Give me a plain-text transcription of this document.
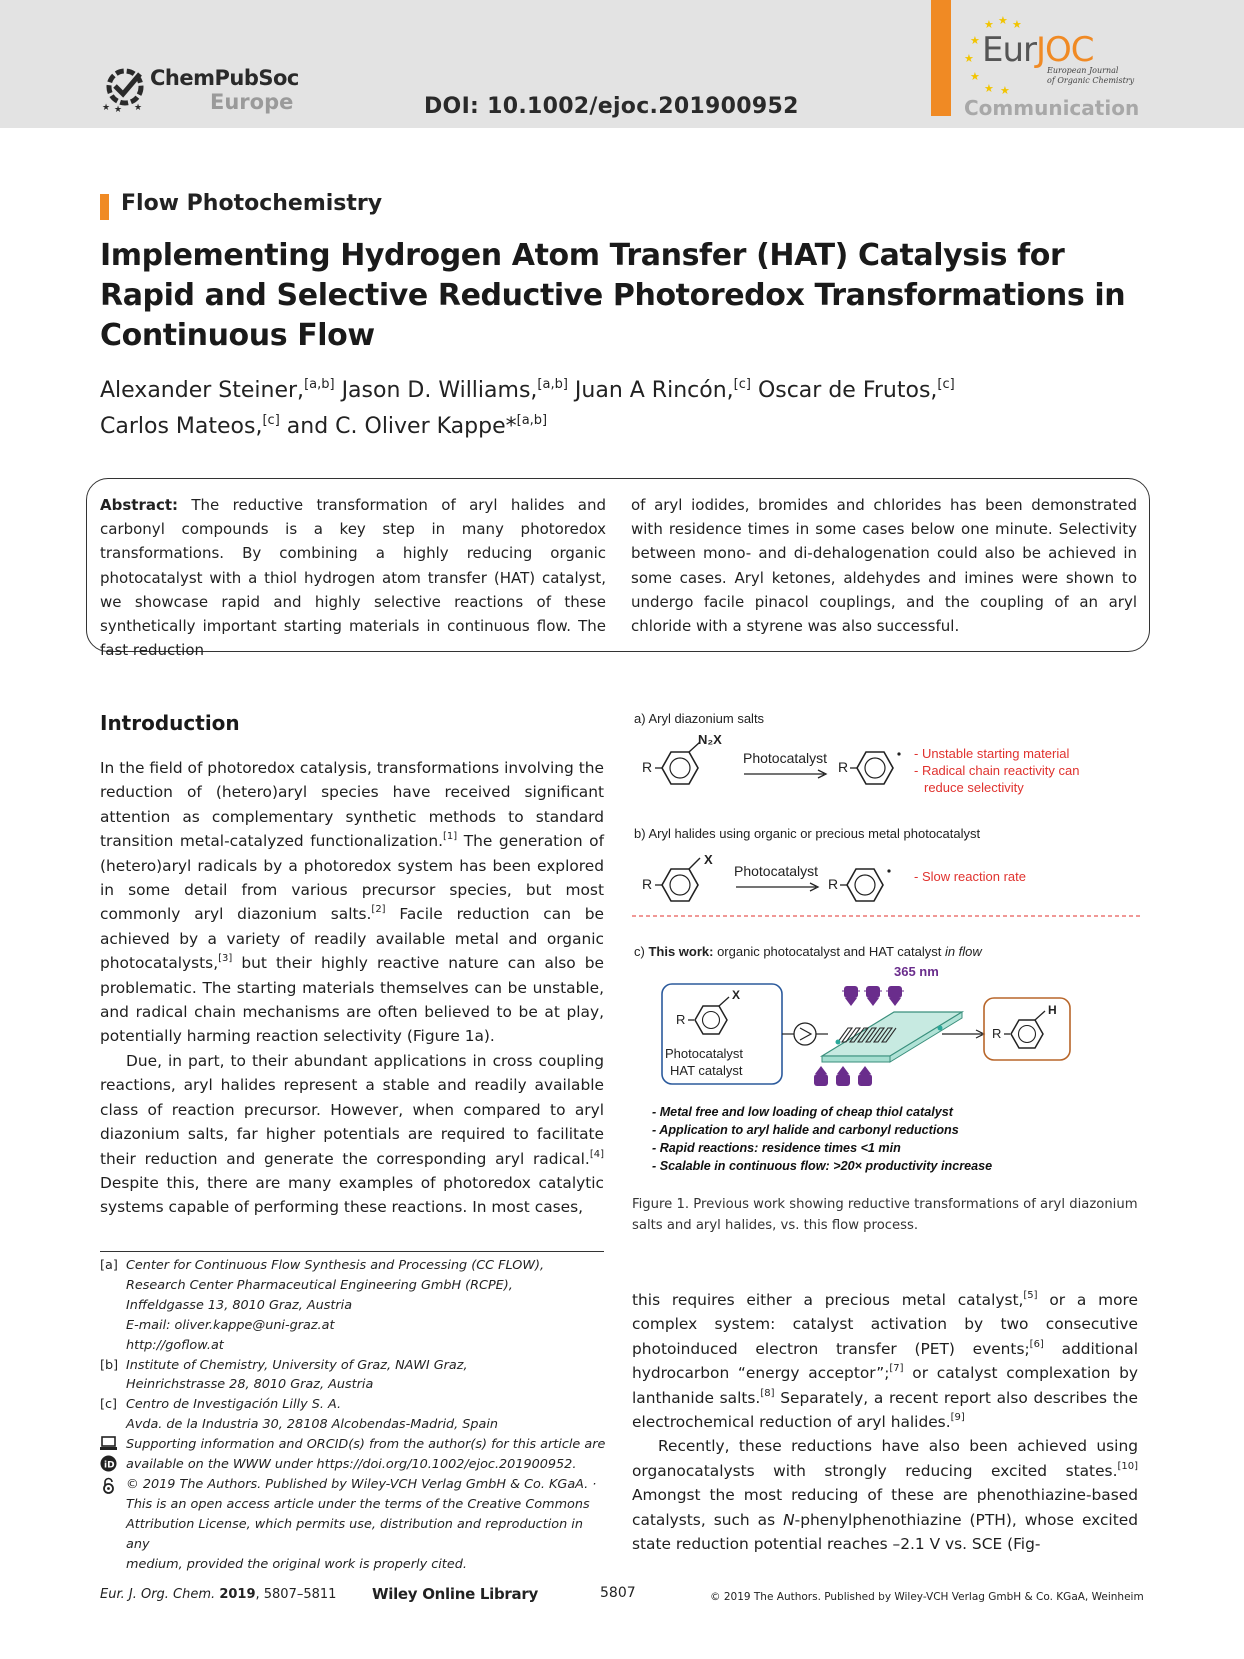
★ ★ ★
ChemPubSoc
Europe	DOI: 10.1002/ejoc.201900952
★ ★ ★
★
★
★
★ ★
EurJOC
European Journal
of Organic Chemistry
Communication
Flow Photochemistry
Implementing Hydrogen Atom Transfer (HAT) Catalysis for Rapid and Selective Reductive Photoredox Transformations in Continuous Flow
Alexander Steiner,[a,b] Jason D. Williams,[a,b] Juan A Rincón,[c] Oscar de Frutos,[c]
Carlos Mateos,[c] and C. Oliver Kappe*[a,b]
Abstract: The reductive transformation of aryl halides and carbonyl compounds is a key step in many photoredox transformations. By combining a highly reducing organic photocatalyst with a thiol hydrogen atom transfer (HAT) catalyst, we showcase rapid and highly selective reactions of these synthetically important starting materials in continuous flow. The fast reduction
of aryl iodides, bromides and chlorides has been demonstrated with residence times in some cases below one minute. Selectivity between mono- and di-dehalogenation could also be achieved in some cases. Aryl ketones, aldehydes and imines were shown to undergo facile pinacol couplings, and the coupling of an aryl chloride with a styrene was also successful.
Introduction

In the field of photoredox catalysis, transformations involving the reduction of (hetero)aryl species have received significant attention as complementary synthetic methods to standard transition metal-catalyzed functionalization.[1] The generation of (hetero)aryl radicals by a photoredox system has been explored in some detail from various precursor species, but most commonly aryl diazonium salts.[2] Facile reduction can be achieved by a variety of readily available metal and organic photocatalysts,[3] but their highly reactive nature can also be problematic. The starting materials themselves can be unstable, and radical chain mechanisms are often believed to be at play, potentially harming reaction selectivity (Figure 1a).

Due, in part, to their abundant applications in cross coupling reactions, aryl halides represent a stable and readily available class of reaction precursor. However, when compared to aryl diazonium salts, far higher potentials are required to facilitate their reduction and generate the corresponding aryl radical.[4] Despite this, there are many examples of photoredox catalytic systems capable of performing these reactions. In most cases,

this requires either a precious metal catalyst,[5] or a more complex system: catalyst activation by two consecutive photoinduced electron transfer (PET) events;[6] additional hydrocarbon “energy acceptor”;[7] or catalyst complexation by lanthanide salts.[8] Separately, a recent report also describes the electrochemical reduction of aryl halides.[9]

Recently, these reductions have also been achieved using organocatalysts with strongly reducing excited states.[10] Amongst the most reducing of these are phenothiazine-based catalysts, such as N-phenylphenothiazine (PTH), whose excited state reduction potential reaches –2.1 V vs. SCE (Fig-

[a] Center for Continuous Flow Synthesis and Processing (CC FLOW),
Research Center Pharmaceutical Engineering GmbH (RCPE),
Inffeldgasse 13, 8010 Graz, Austria
E-mail: oliver.kappe@uni-graz.at
http://goflow.at
[b] Institute of Chemistry, University of Graz, NAWI Graz,
Heinrichstrasse 28, 8010 Graz, Austria
[c] Centro de Investigación Lilly S. A.
Avda. de la Industria 30, 28108 Alcobendas-Madrid, Spain
iD
Supporting information and ORCID(s) from the author(s) for this article are
available on the WWW under https://doi.org/10.1002/ejoc.201900952.
© 2019 The Authors. Published by Wiley-VCH Verlag GmbH & Co. KGaA. ·
This is an open access article under the terms of the Creative Commons
Attribution License, which permits use, distribution and reproduction in any
medium, provided the original work is properly cited.
a) Aryl diazonium salts
R
N₂X
Photocatalyst
R
- Unstable starting material
- Radical chain reactivity can
reduce selectivity
b) Aryl halides using organic or precious metal photocatalyst
R
X
Photocatalyst
R	- Slow reaction rate
c) This work: organic photocatalyst and HAT catalyst in flow
365 nm
R
X
Photocatalyst
HAT catalyst
R
H
- Metal free and low loading of cheap thiol catalyst
- Application to aryl halide and carbonyl reductions
- Rapid reactions: residence times <1 min
- Scalable in continuous flow: >20× productivity increase
Figure 1. Previous work showing reductive transformations of aryl diazonium salts and aryl halides, vs. this flow process.
Eur. J. Org. Chem. 2019, 5807–5811 Wiley Online Library	5807	© 2019 The Authors. Published by Wiley-VCH Verlag GmbH & Co. KGaA, Weinheim
